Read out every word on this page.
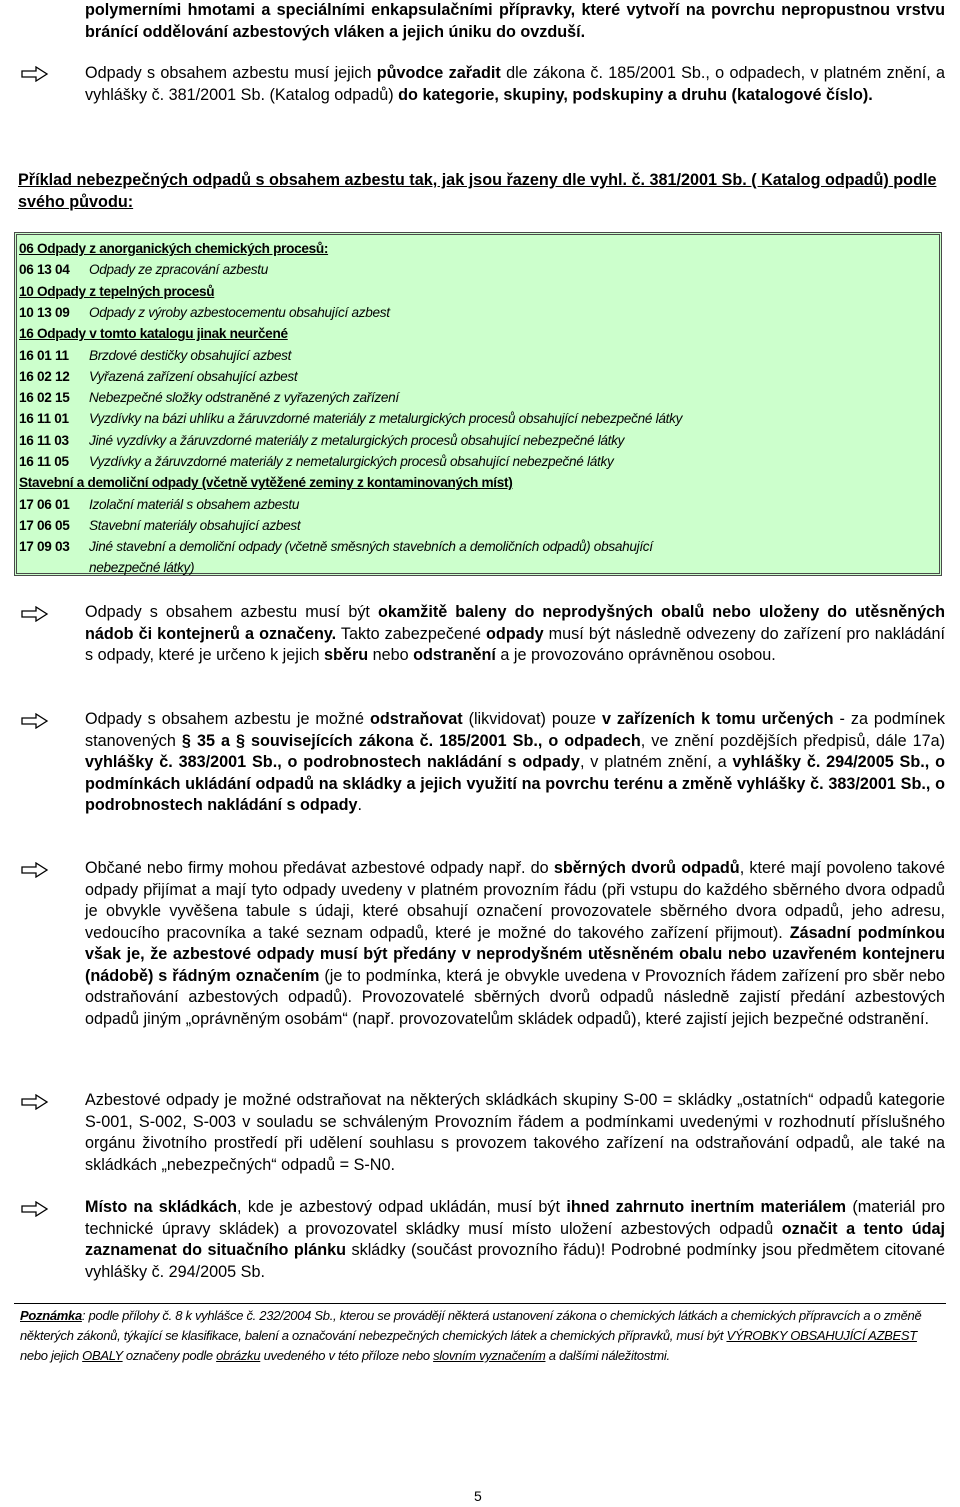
polymerními hmotami a speciálními enkapsulačními přípravky, které vytvoří na povrchu nepropustnou vrstvu bránící oddělování azbestových vláken a jejich úniku do ovzduší.
Odpady s obsahem azbestu musí jejich původce zařadit dle zákona č. 185/2001 Sb., o odpadech, v platném znění, a vyhlášky č. 381/2001 Sb. (Katalog odpadů) do kategorie, skupiny, podskupiny a druhu (katalogové číslo).
Příklad nebezpečných odpadů s obsahem azbestu tak, jak jsou řazeny dle vyhl. č. 381/2001 Sb. ( Katalog odpadů) podle svého původu:
06 Odpady z anorganických chemických procesů:
06 13 04 Odpady ze zpracování azbestu
10 Odpady z tepelných procesů
10 13 09 Odpady z výroby azbestocementu obsahující azbest
16 Odpady v tomto katalogu jinak neurčené
16 01 11 Brzdové destičky obsahující azbest
16 02 12 Vyřazená zařízení obsahující azbest
16 02 15 Nebezpečné složky odstraněné z vyřazených zařízení
16 11 01 Vyzdívky na bázi uhlíku a žáruvzdorné materiály z metalurgických procesů obsahující nebezpečné látky
16 11 03 Jiné vyzdívky a žáruvzdorné materiály z metalurgických procesů obsahující nebezpečné látky
16 11 05 Vyzdívky a žáruvzdorné materiály z nemetalurgických procesů obsahující nebezpečné látky
Stavební a demoliční odpady (včetně vytěžené zeminy z kontaminovaných míst)
17 06 01 Izolační materiál s obsahem azbestu
17 06 05 Stavební materiály obsahující azbest
17 09 03 Jiné stavební a demoliční odpady (včetně směsných stavebních a demoličních odpadů) obsahující
nebezpečné látky)
Odpady s obsahem azbestu musí být okamžitě baleny do neprodyšných obalů nebo uloženy do utěsněných nádob či kontejnerů a označeny. Takto zabezpečené odpady musí být následně odvezeny do zařízení pro nakládání s odpady, které je určeno k jejich sběru nebo odstranění a je provozováno oprávněnou osobou.
Odpady s obsahem azbestu je možné odstraňovat (likvidovat) pouze v zařízeních k tomu určených - za podmínek stanovených § 35 a § souvisejících zákona č. 185/2001 Sb., o odpadech, ve znění pozdějších předpisů, dále 17a) vyhlášky č. 383/2001 Sb., o podrobnostech nakládání s odpady, v platném znění, a vyhlášky č. 294/2005 Sb., o podmínkách ukládání odpadů na skládky a jejich využití na povrchu terénu a změně vyhlášky č. 383/2001 Sb., o podrobnostech nakládání s odpady.
Občané nebo firmy mohou předávat azbestové odpady např. do sběrných dvorů odpadů, které mají povoleno takové odpady přijímat a mají tyto odpady uvedeny v platném provozním řádu (při vstupu do každého sběrného dvora odpadů je obvykle vyvěšena tabule s údaji, které obsahují označení provozovatele sběrného dvora odpadů, jeho adresu, vedoucího pracovníka a také seznam odpadů, které je možné do takového zařízení přijmout). Zásadní podmínkou však je, že azbestové odpady musí být předány v neprodyšném utěsněném obalu nebo uzavřeném kontejneru (nádobě) s řádným označením (je to podmínka, která je obvykle uvedena v Provozních řádem zařízení pro sběr nebo odstraňování azbestových odpadů). Provozovatelé sběrných dvorů odpadů následně zajistí předání azbestových odpadů jiným „oprávněným osobám“ (např. provozovatelům skládek odpadů), které zajistí jejich bezpečné odstranění.
Azbestové odpady je možné odstraňovat na některých skládkách skupiny S-00 = skládky „ostatních“ odpadů kategorie S-001, S-002, S-003 v souladu se schváleným Provozním řádem a podmínkami uvedenými v rozhodnutí příslušného orgánu životního prostředí při udělení souhlasu s provozem takového zařízení na odstraňování odpadů, ale také na skládkách „nebezpečných“ odpadů = S-N0.
Místo na skládkách, kde je azbestový odpad ukládán, musí být ihned zahrnuto inertním materiálem (materiál pro technické úpravy skládek) a provozovatel skládky musí místo uložení azbestových odpadů označit a tento údaj zaznamenat do situačního plánku skládky (součást provozního řádu)! Podrobné podmínky jsou předmětem citované vyhlášky č. 294/2005 Sb.
Poznámka: podle přílohy č. 8 k vyhlášce č. 232/2004 Sb., kterou se provádějí některá ustanovení zákona o chemických látkách a chemických přípravcích a o změně některých zákonů, týkající se klasifikace, balení a označování nebezpečných chemických látek a chemických přípravků, musí být VÝROBKY OBSAHUJÍCÍ AZBEST nebo jejich OBALY označeny podle obrázku uvedeného v této příloze nebo slovním vyznačením a dalšími náležitostmi.
5
